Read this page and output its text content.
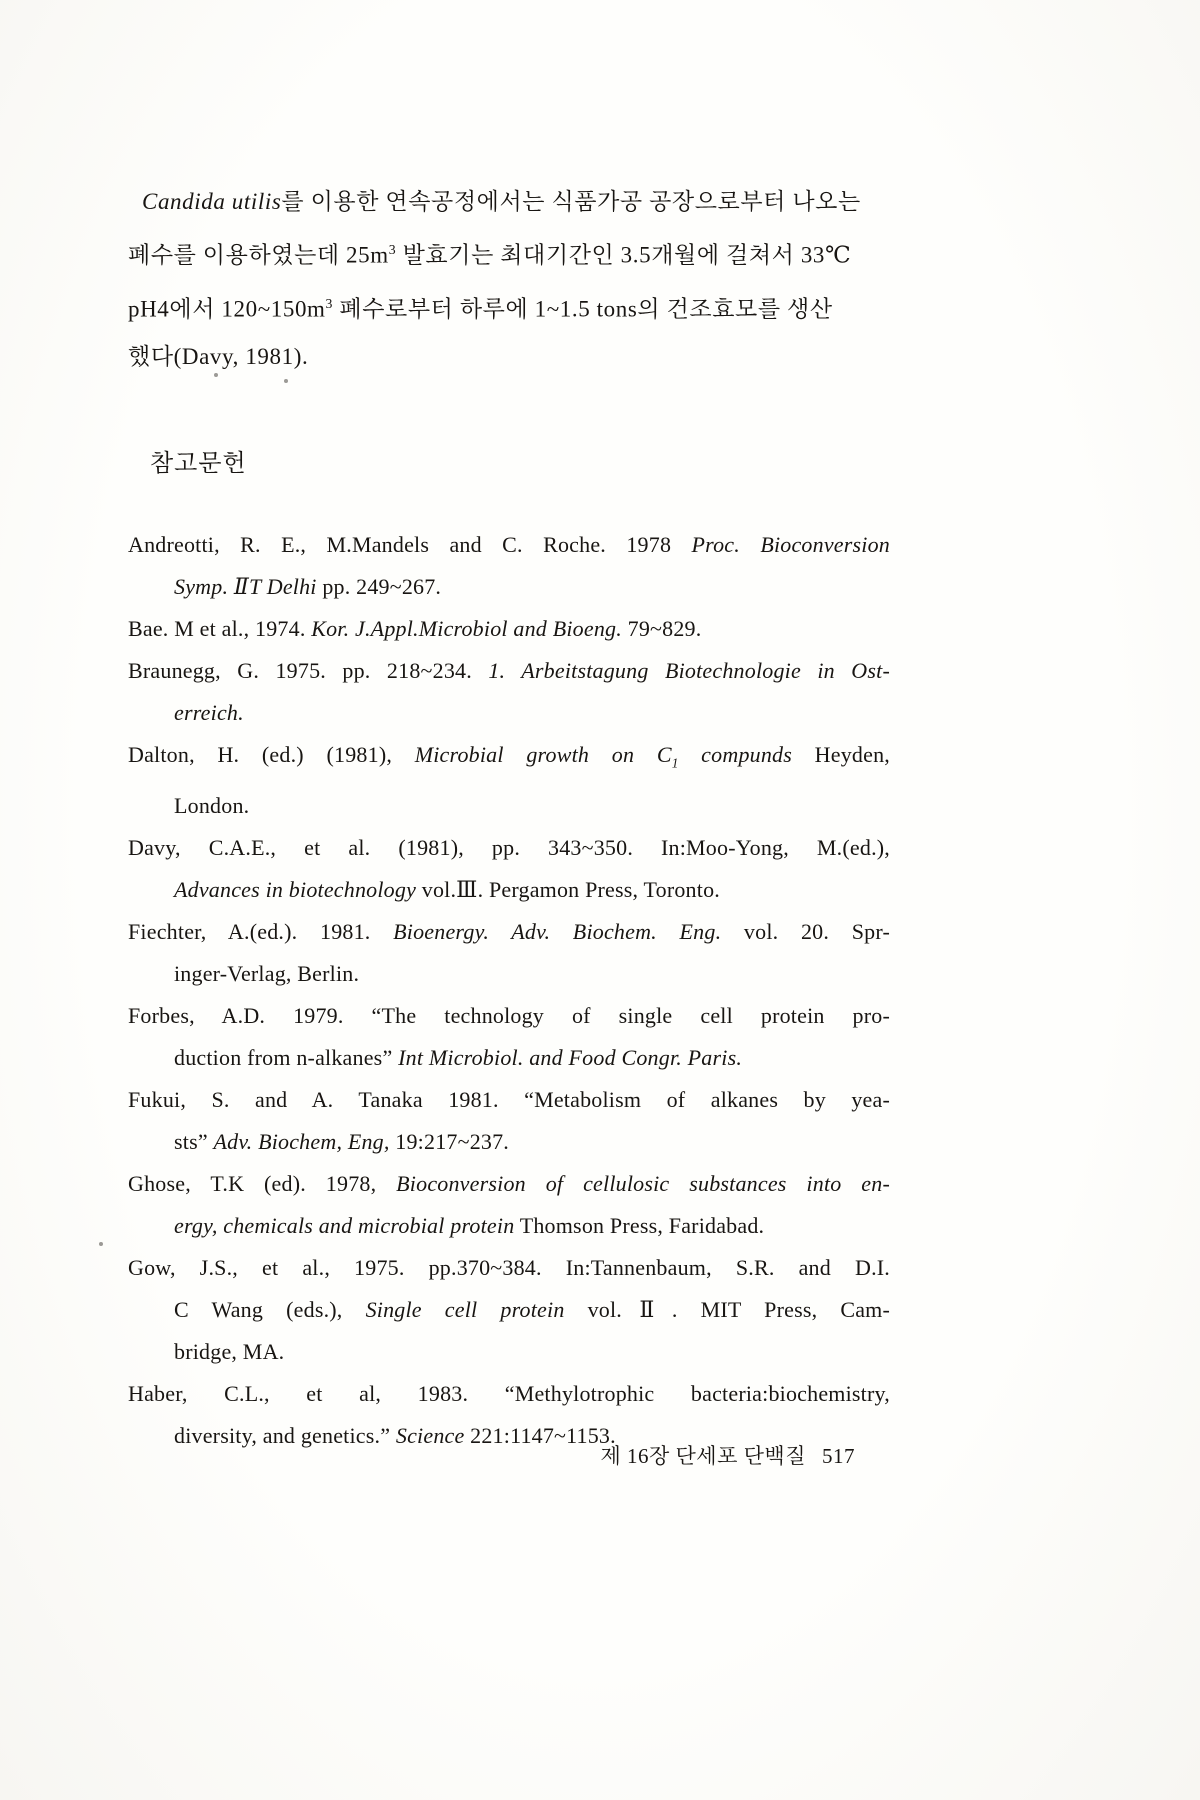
Candida utilis를 이용한 연속공정에서는 식품가공 공장으로부터 나오는
폐수를 이용하였는데 $25m^3$ 발효기는 최대기간인 3.5개월에 걸쳐서 33℃
pH4에서 $120\sim 150m^3$ 폐수로부터 하루에 1~1.5 tons의 건조효모를 생산
했다(Davy, 1981).
참고문헌
Andreotti, R. E., M.Mandels and C. Roche. 1978 Proc. Bioconversion
Symp. ⅡT Delhi pp. 249~267.
Bae. M et al., 1974. Kor. J.Appl.Microbiol and Bioeng. 79~829.
Braunegg, G. 1975. pp. 218~234. 1. Arbeitstagung Biotechnologie in Ost-
erreich.
Dalton, H. (ed.) (1981), Microbial growth on $C_1$ compunds Heyden,
London.
Davy, C.A.E., et al. (1981), pp. 343~350. In:Moo-Yong, M.(ed.),
Advances in biotechnology vol.Ⅲ. Pergamon Press, Toronto.
Fiechter, A.(ed.). 1981. Bioenergy. Adv. Biochem. Eng. vol. 20. Spr-
inger-Verlag, Berlin.
Forbes, A.D. 1979. “The technology of single cell protein pro-
duction from n-alkanes” Int Microbiol. and Food Congr. Paris.
Fukui, S. and A. Tanaka 1981. “Metabolism of alkanes by yea-
sts” Adv. Biochem, Eng, 19:217~237.
Ghose, T.K (ed). 1978, Bioconversion of cellulosic substances into en-
ergy, chemicals and microbial protein Thomson Press, Faridabad.
Gow, J.S., et al., 1975. pp.370~384. In:Tannenbaum, S.R. and D.I.
C Wang (eds.), Single cell protein vol.Ⅱ. MIT Press, Cam-
bridge, MA.
Haber, C.L., et al, 1983. “Methylotrophic bacteria:biochemistry,
diversity, and genetics.” Science 221:1147~1153.
제 16장 단세포 단백질 517
